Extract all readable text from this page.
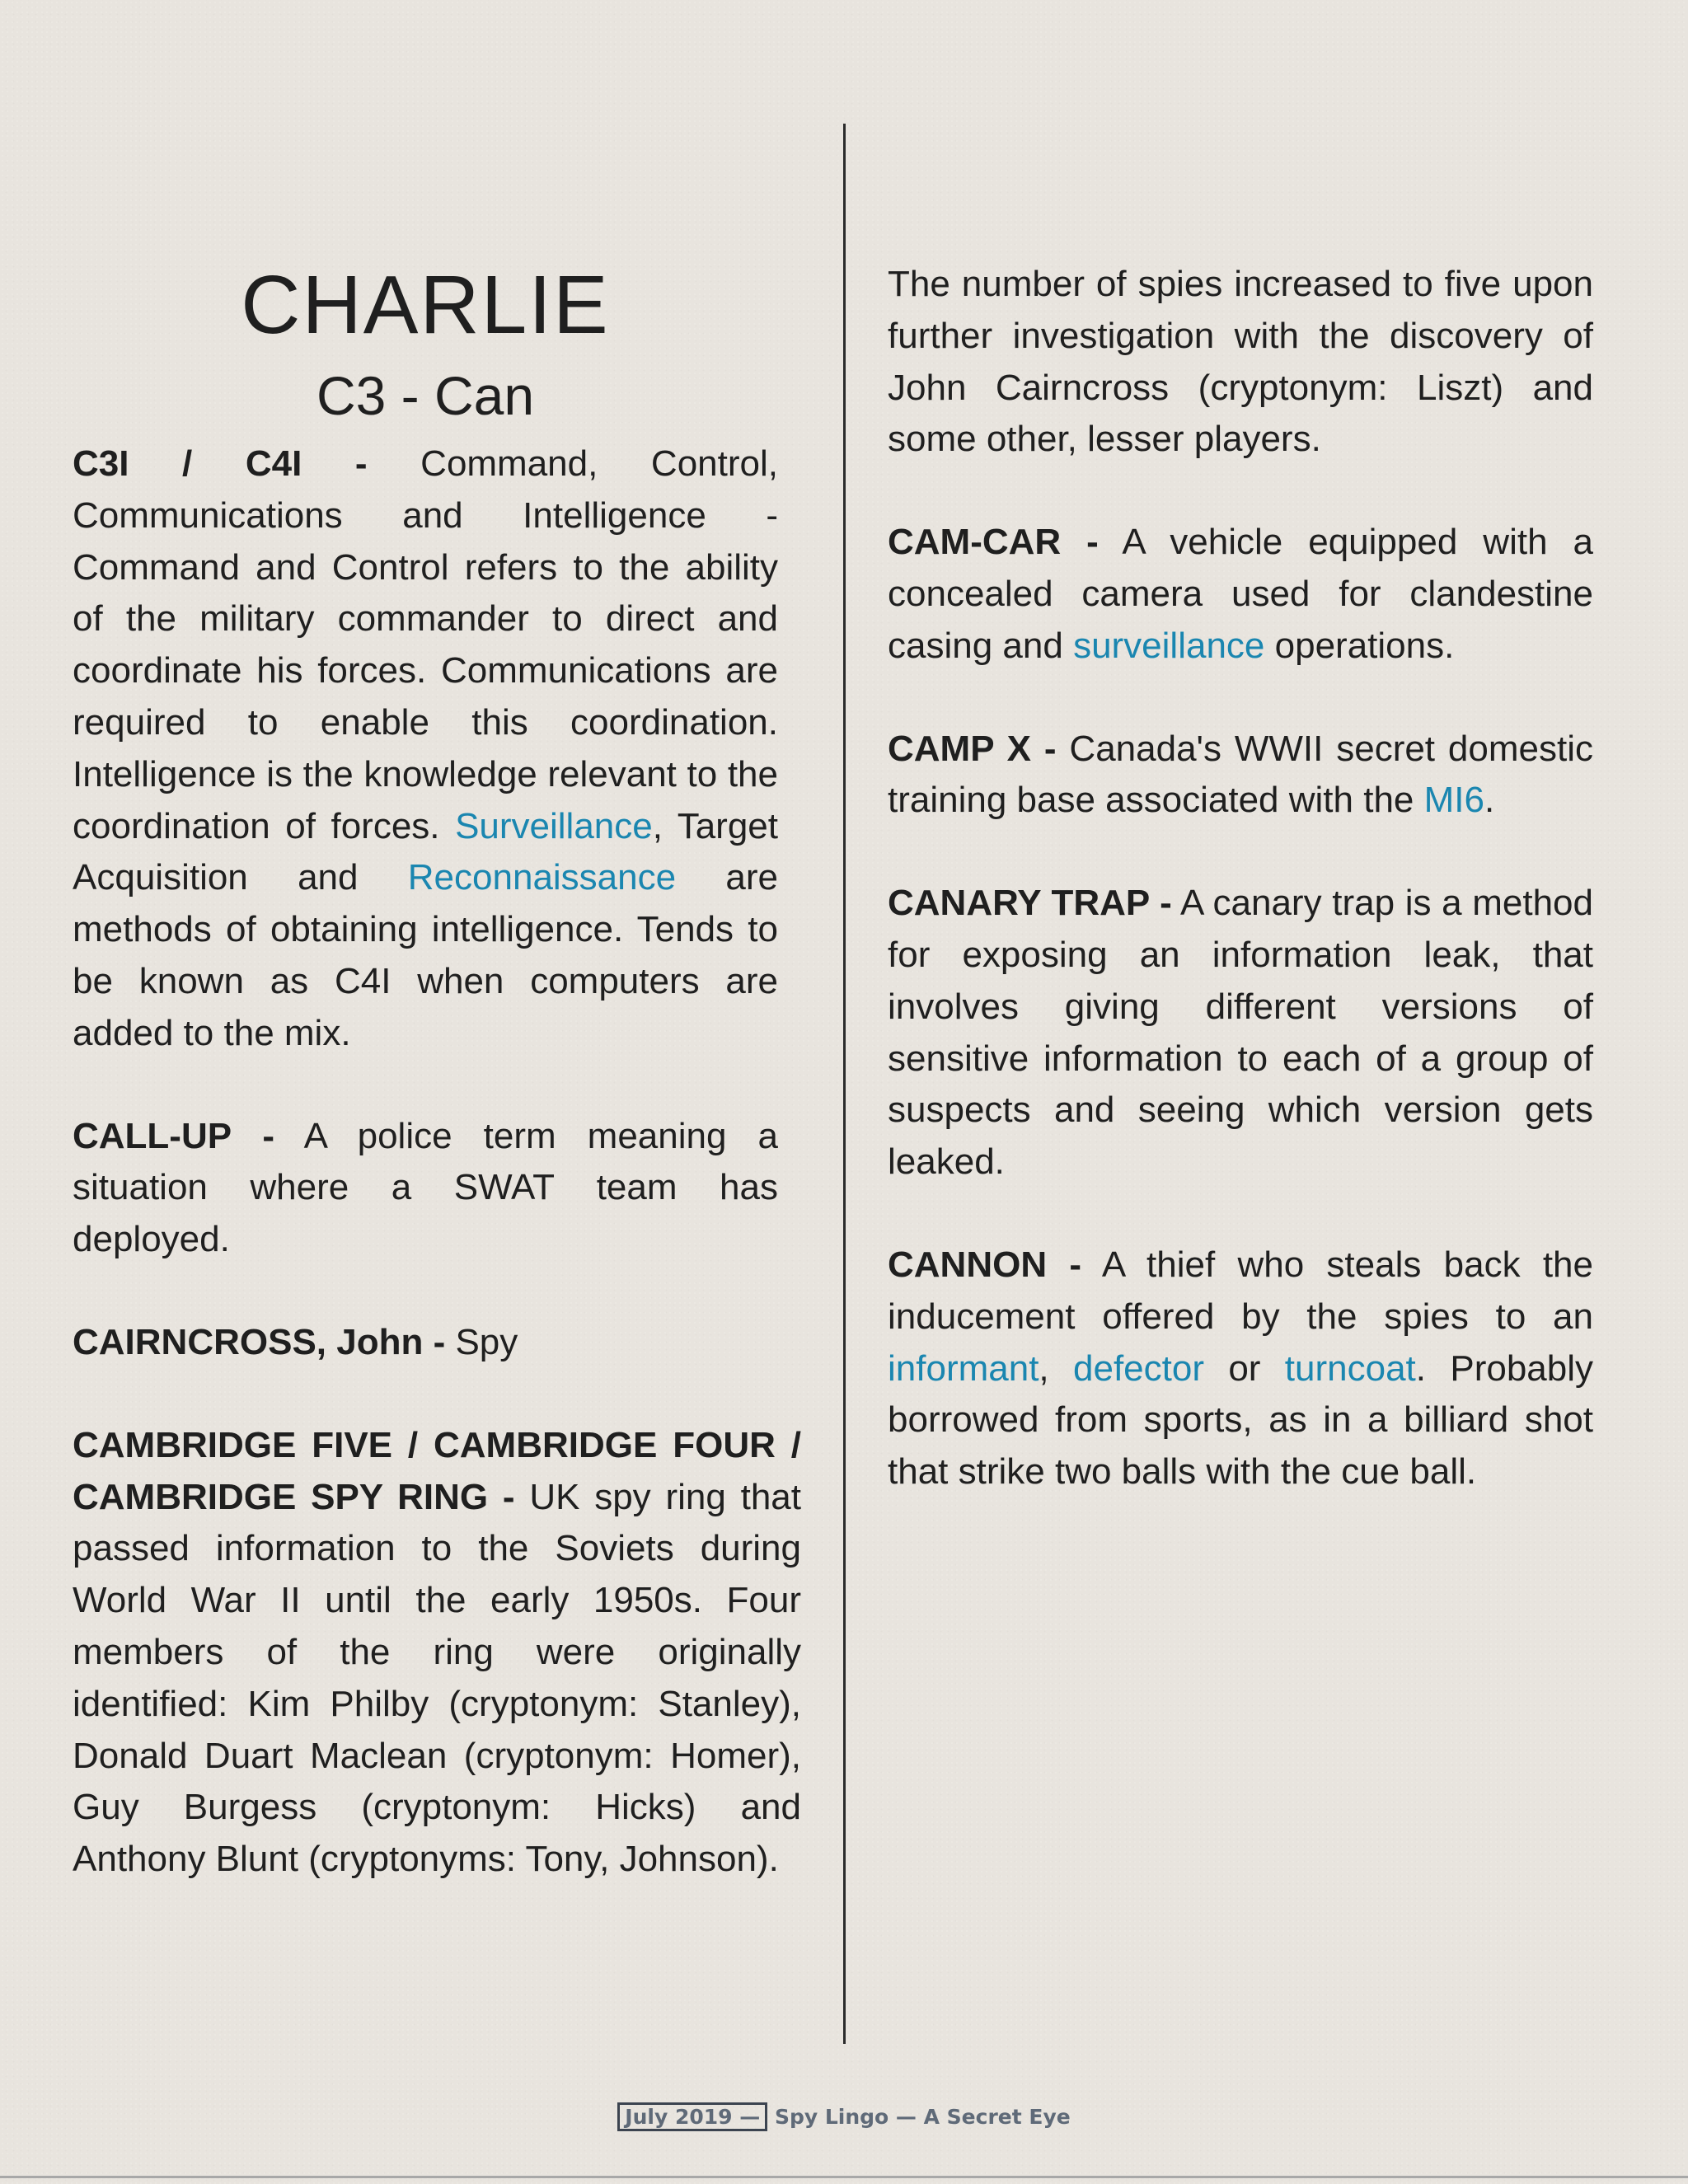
CHARLIE
C3 - Can

C3I / C4I - Command, Control, Communications and Intelligence - Command and Control refers to the ability of the military commander to direct and coordinate his forces. Communications are required to enable this coordination. Intelligence is the knowledge relevant to the coordination of forces. Surveillance, Target Acquisition and Reconnaissance are methods of obtaining intelligence. Tends to be known as C4I when computers are added to the mix.

CALL-UP - A police term meaning a situation where a SWAT team has deployed.

CAIRNCROSS, John - Spy

CAMBRIDGE FIVE / CAMBRIDGE FOUR / CAMBRIDGE SPY RING - UK spy ring that passed information to the Soviets during World War II until the early 1950s. Four members of the ring were originally identified: Kim Philby (cryptonym: Stanley), Donald Duart Maclean (cryptonym: Homer), Guy Burgess (cryptonym: Hicks) and Anthony Blunt (cryptonyms: Tony, Johnson).

The number of spies increased to five upon further investigation with the discovery of John Cairncross (cryptonym: Liszt) and some other, lesser players.

CAM-CAR - A vehicle equipped with a concealed camera used for clandestine casing and surveillance operations.

CAMP X - Canada's WWII secret domestic training base associated with the MI6.

CANARY TRAP - A canary trap is a method for exposing an information leak, that involves giving different versions of sensitive information to each of a group of suspects and seeing which version gets leaked.

CANNON - A thief who steals back the inducement offered by the spies to an informant, defector or turncoat. Probably borrowed from sports, as in a billiard shot that strike two balls with the cue ball.

July 2019 — Spy Lingo — A Secret Eye
